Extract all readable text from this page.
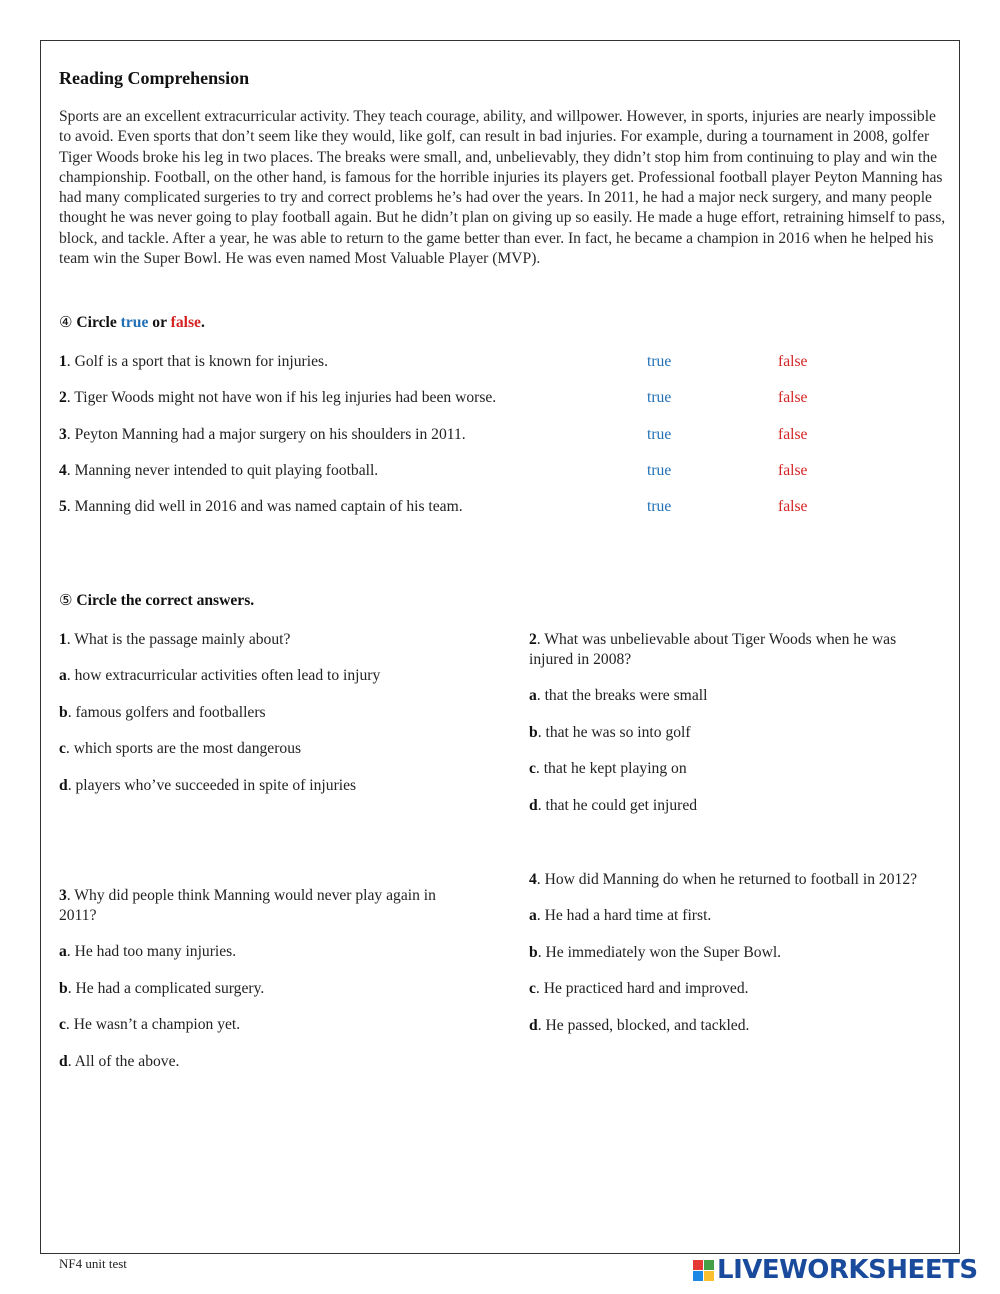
Reading Comprehension

Sports are an excellent extracurricular activity. They teach courage, ability, and willpower. However, in sports, injuries are nearly impossible to avoid. Even sports that don’t seem like they would, like golf, can result in bad injuries. For example, during a tournament in 2008, golfer Tiger Woods broke his leg in two places. The breaks were small, and, unbelievably, they didn’t stop him from continuing to play and win the championship. Football, on the other hand, is famous for the horrible injuries its players get. Professional football player Peyton Manning has had many complicated surgeries to try and correct problems he’s had over the years. In 2011, he had a major neck surgery, and many people thought he was never going to play football again. But he didn’t plan on giving up so easily. He made a huge effort, retraining himself to pass, block, and tackle. After a year, he was able to return to the game better than ever. In fact, he became a champion in 2016 when he helped his team win the Super Bowl. He was even named Most Valuable Player (MVP).

④ Circle true or false.
1. Golf is a sport that is known for injuries.	true	false
2. Tiger Woods might not have won if his leg injuries had been worse.	true	false
3. Peyton Manning had a major surgery on his shoulders in 2011.	true	false
4. Manning never intended to quit playing football.	true	false
5. Manning did well in 2016 and was named captain of his team.	true	false
⑤ Circle the correct answers.

1. What is the passage mainly about?

a. how extracurricular activities often lead to injury

b. famous golfers and footballers

c. which sports are the most dangerous

d. players who’ve succeeded in spite of injuries

2. What was unbelievable about Tiger Woods when he was injured in 2008?

a. that the breaks were small

b. that he was so into golf

c. that he kept playing on

d. that he could get injured

3. Why did people think Manning would never play again in 2011?

a. He had too many injuries.

b. He had a complicated surgery.

c. He wasn’t a champion yet.

d. All of the above.

4. How did Manning do when he returned to football in 2012?

a. He had a hard time at first.

b. He immediately won the Super Bowl.

c. He practiced hard and improved.

d. He passed, blocked, and tackled.

NF4 unit test	LIVEWORKSHEETS
